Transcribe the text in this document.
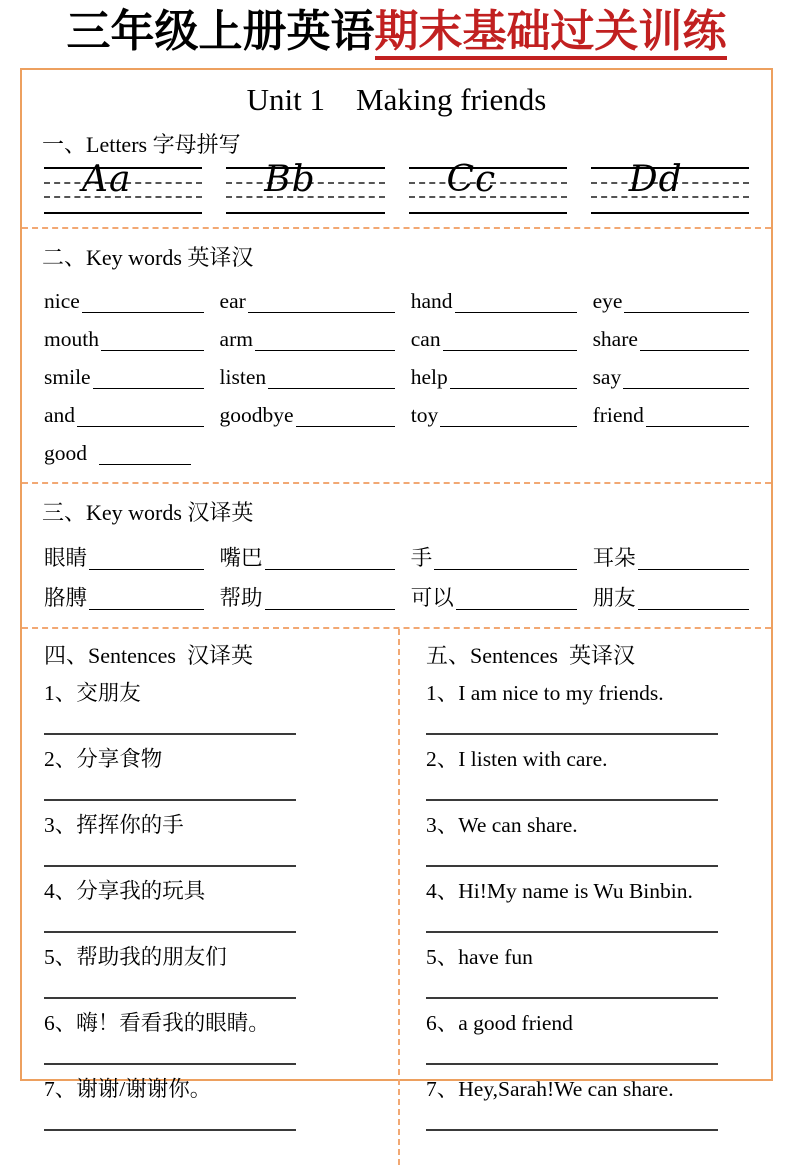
三年级上册英语期末基础过关训练
Unit 1    Making friends
一、Letters 字母拼写
Aa	Bb	Cc	Dd
二、Key words 英译汉
nice	ear	hand	eye
mouth	arm	can	share
smile	listen	help	say
and	goodbye	toy	friend
good
三、Key words 汉译英
眼睛	嘴巴	手	耳朵
胳膊	帮助	可以	朋友
四、Sentences  汉译英
1、交朋友
2、分享食物
3、挥挥你的手
4、分享我的玩具
5、帮助我的朋友们
6、嗨！看看我的眼睛。
7、谢谢/谢谢你。
五、Sentences  英译汉
1、I am nice to my friends.
2、I listen with care.
3、We can share.
4、Hi!My name is Wu Binbin.
5、have fun
6、a good friend
7、Hey,Sarah!We can share.
